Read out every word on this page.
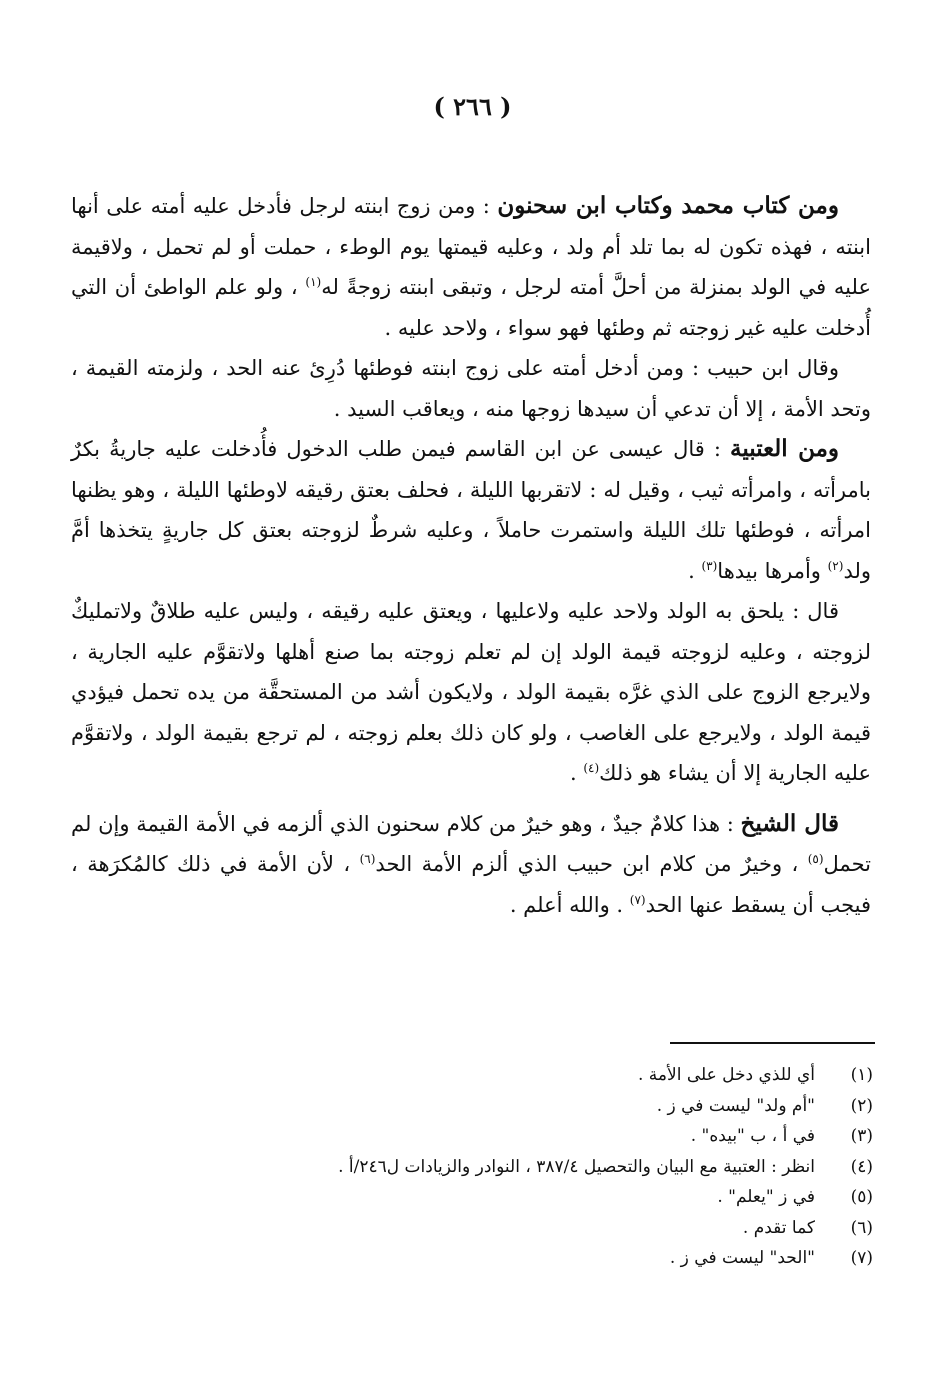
( ٢٦٦ )

ومن كتاب محمد وكتاب ابن سحنون : ومن زوج ابنته لرجل فأدخل عليه أمته على أنها ابنته ، فهذه تكون له بما تلد أم ولد ، وعليه قيمتها يوم الوطء ، حملت أو لم تحمل ، ولاقيمة عليه في الولد بمنزلة من أحلَّ أمته لرجل ، وتبقى ابنته زوجةً له$^{(١)}$ ، ولو علم الواطئ أن التي أُدخلت عليه غير زوجته ثم وطئها فهو سواء ، ولاحد عليه .

وقال ابن حبيب : ومن أدخل أمته على زوج ابنته فوطئها دُرِئ عنه الحد ، ولزمته القيمة ، وتحد الأمة ، إلا أن تدعي أن سيدها زوجها منه ، ويعاقب السيد .

ومن العتبية : قال عيسى عن ابن القاسم فيمن طلب الدخول فأُدخلت عليه جاريةُ بكرٌ بامرأته ، وامرأته ثيب ، وقيل له : لاتقربها الليلة ، فحلف بعتق رقيقه لاوطئها الليلة ، وهو يظنها امرأته ، فوطئها تلك الليلة واستمرت حاملاً ، وعليه شرطٌ لزوجته بعتق كل جاريةٍ يتخذها أمَّ ولد$^{(٢)}$ وأمرها بيدها$^{(٣)}$ .

قال : يلحق به الولد ولاحد عليه ولاعليها ، ويعتق عليه رقيقه ، وليس عليه طلاقٌ ولاتمليكٌ لزوجته ، وعليه لزوجته قيمة الولد إن لم تعلم زوجته بما صنع أهلها ولاتقوَّم عليه الجارية ، ولايرجع الزوج على الذي غرَّه بقيمة الولد ، ولايكون أشد من المستحقَّة من يده تحمل فيؤدي قيمة الولد ، ولايرجع على الغاصب ، ولو كان ذلك بعلم زوجته ، لم ترجع بقيمة الولد ، ولاتقوَّم عليه الجارية إلا أن يشاء هو ذلك$^{(٤)}$ .

قال الشيخ : هذا كلامٌ جيدٌ ، وهو خيرٌ من كلام سحنون الذي ألزمه في الأمة القيمة وإن لم تحمل$^{(٥)}$ ، وخيرٌ من كلام ابن حبيب الذي ألزم الأمة الحد$^{(٦)}$ ، لأن الأمة في ذلك كالمُكرَهة ، فيجب أن يسقط عنها الحد$^{(٧)}$ . والله أعلم .

(١)
أي للذي دخل على الأمة .
(٢)
"أم ولد" ليست في ز .
(٣)
في أ ، ب "بيده" .
(٤)
انظر : العتبية مع البيان والتحصيل ٣٨٧/٤ ، النوادر والزيادات ل٢٤٦/أ .
(٥)
في ز "يعلم" .
(٦)
كما تقدم .
(٧)
"الحد" ليست في ز .
